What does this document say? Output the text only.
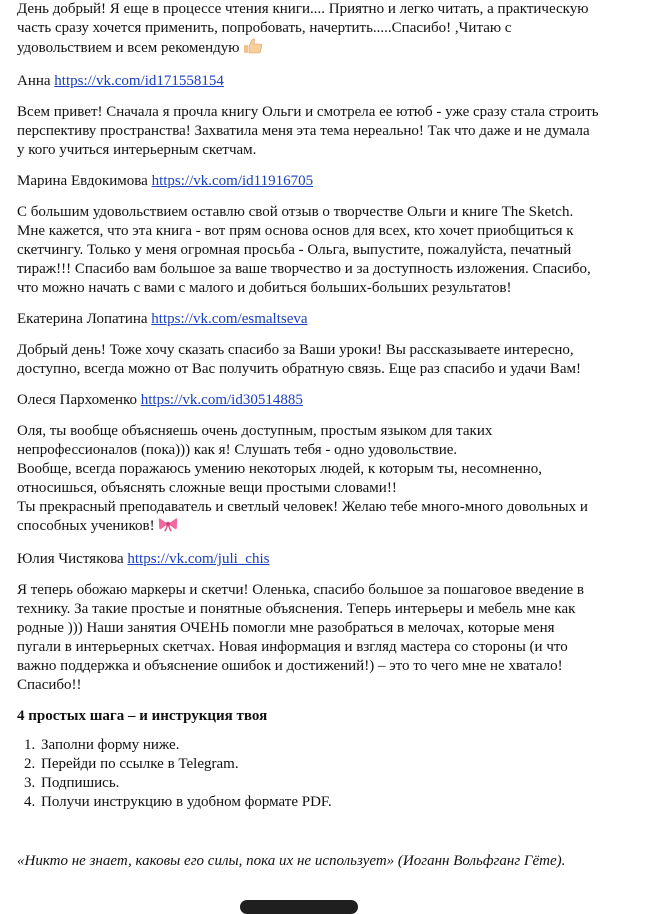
День добрый! Я еще в процессе чтения книги.... Приятно и легко читать, а практическую
часть сразу хочется применить, попробовать, начертить.....Спасибо! ,Читаю с
удовольствием и всем рекомендую

Анна https://vk.com/id171558154

Всем привет! Сначала я прочла книгу Ольги и смотрела ее ютюб - уже сразу стала строить
перспективу пространства! Захватила меня эта тема нереально! Так что даже и не думала
у кого учиться интерьерным скетчам.

Марина Евдокимова https://vk.com/id11916705

С большим удовольствием оставлю свой отзыв о творчестве Ольги и книге The Sketch.
Мне кажется, что эта книга - вот прям основа основ для всех, кто хочет приобщиться к
скетчингу. Только у меня огромная просьба - Ольга, выпустите, пожалуйста, печатный
тираж!!! Спасибо вам большое за ваше творчество и за доступность изложения. Спасибо,
что можно начать с вами с малого и добиться больших-больших результатов!

Екатерина Лопатина https://vk.com/esmaltseva

Добрый день! Тоже хочу сказать спасибо за Ваши уроки! Вы рассказываете интересно,
доступно, всегда можно от Вас получить обратную связь. Еще раз спасибо и удачи Вам!

Олеся Пархоменко https://vk.com/id30514885

Оля, ты вообще объясняешь очень доступным, простым языком для таких
непрофессионалов (пока))) как я! Слушать тебя - одно удовольствие.
Вообще, всегда поражаюсь умению некоторых людей, к которым ты, несомненно,
относишься, объяснять сложные вещи простыми словами!!
Ты прекрасный преподаватель и светлый человек! Желаю тебе много-много довольных и
способных учеников!

Юлия Чистякова https://vk.com/juli_chis

Я теперь обожаю маркеры и скетчи! Оленька, спасибо большое за пошаговое введение в
технику. За такие простые и понятные объяснения. Теперь интерьеры и мебель мне как
родные ))) Наши занятия ОЧЕНЬ помогли мне разобраться в мелочах, которые меня
пугали в интерьерных скетчах. Новая информация и взгляд мастера со стороны (и что
важно поддержка и объяснение ошибок и достижений!) – это то чего мне не хватало!
Спасибо!!

4 простых шага – и инструкция твоя

1. Заполни форму ниже.
2. Перейди по ссылке в Telegram.
3. Подпишись.
4. Получи инструкцию в удобном формате PDF.

«Никто не знает, каковы его силы, пока их не использует» (Иоганн Вольфганг Гёте).
